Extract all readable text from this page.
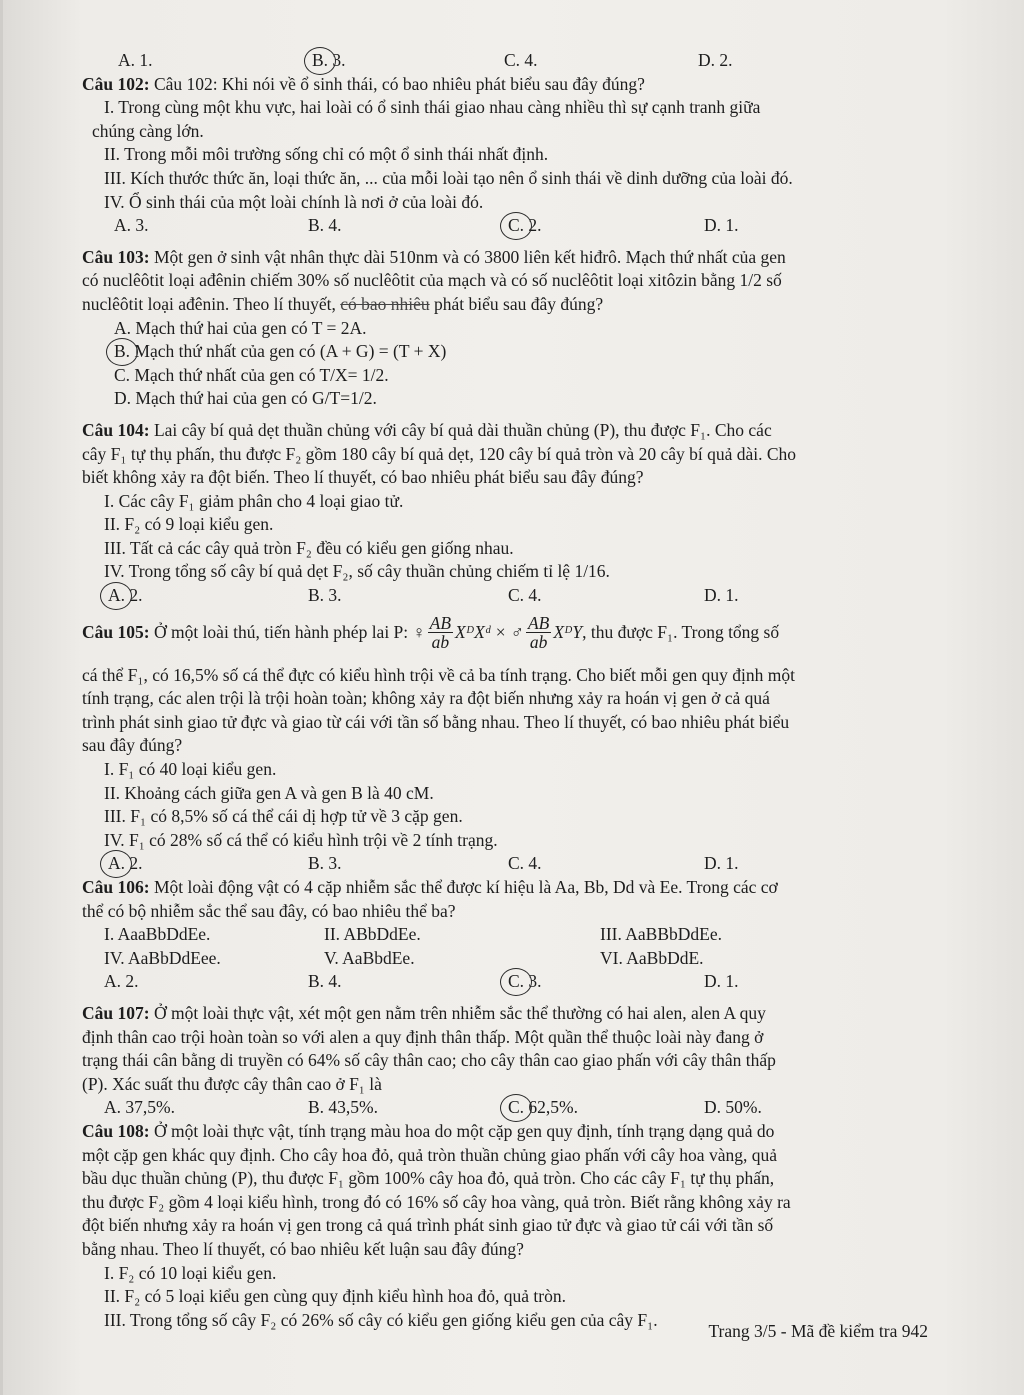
A. 1.	B. 3.	C. 4.	D. 2.
Câu 102: Câu 102: Khi nói về ổ sinh thái, có bao nhiêu phát biểu sau đây đúng?
I. Trong cùng một khu vực, hai loài có ổ sinh thái giao nhau càng nhiều thì sự cạnh tranh giữa
chúng càng lớn.
II. Trong mỗi môi trường sống chỉ có một ổ sinh thái nhất định.
III. Kích thước thức ăn, loại thức ăn, ... của mỗi loài tạo nên ổ sinh thái về dinh dưỡng của loài đó.
IV. Ổ sinh thái của một loài chính là nơi ở của loài đó.
A. 3.	B. 4.	C. 2.	D. 1.
Câu 103: Một gen ở sinh vật nhân thực dài 510nm và có 3800 liên kết hiđrô. Mạch thứ nhất của gen
có nuclêôtit loại ađênin chiếm 30% số nuclêôtit của mạch và có số nuclêôtit loại xitôzin bằng 1/2 số
nuclêôtit loại ađênin. Theo lí thuyết, có bao nhiêu phát biểu sau đây đúng?
A. Mạch thứ hai của gen có T = 2A.
B. Mạch thứ nhất của gen có (A + G) = (T + X)
C. Mạch thứ nhất của gen có T/X= 1/2.
D. Mạch thứ hai của gen có G/T=1/2.
Câu 104: Lai cây bí quả dẹt thuần chủng với cây bí quả dài thuần chủng (P), thu được F₁. Cho các
cây F₁ tự thụ phấn, thu được F₂ gồm 180 cây bí quả dẹt, 120 cây bí quả tròn và 20 cây bí quả dài. Cho
biết không xảy ra đột biến. Theo lí thuyết, có bao nhiêu phát biểu sau đây đúng?
I. Các cây F₁ giảm phân cho 4 loại giao tử.
II. F₂ có 9 loại kiểu gen.
III. Tất cả các cây quả tròn F₂ đều có kiểu gen giống nhau.
IV. Trong tổng số cây bí quả dẹt F₂, số cây thuần chủng chiếm tỉ lệ 1/16.
A. 2.	B. 3.	C. 4.	D. 1.
Câu 105:
Ở một loài thú, tiến hành phép lai P: ♀ $\frac{AB}{ab}$ XᴰXᵈ × ♂ $\frac{AB}{ab}$ XᴰY , thu được F₁. Trong tổng số
cá thể F₁, có 16,5% số cá thể đực có kiểu hình trội về cả ba tính trạng. Cho biết mỗi gen quy định một
tính trạng, các alen trội là trội hoàn toàn; không xảy ra đột biến nhưng xảy ra hoán vị gen ở cả quá
trình phát sinh giao tử đực và giao từ cái với tần số bằng nhau. Theo lí thuyết, có bao nhiêu phát biểu
sau đây đúng?
I. F₁ có 40 loại kiểu gen.
II. Khoảng cách giữa gen A và gen B là 40 cM.
III. F₁ có 8,5% số cá thể cái dị hợp tử về 3 cặp gen.
IV. F₁ có 28% số cá thể có kiểu hình trội về 2 tính trạng.
A. 2.	B. 3.	C. 4.	D. 1.
Câu 106: Một loài động vật có 4 cặp nhiễm sắc thể được kí hiệu là Aa, Bb, Dd và Ee. Trong các cơ
thể có bộ nhiễm sắc thể sau đây, có bao nhiêu thể ba?
I. AaaBbDdEe.	II. ABbDdEe.	III. AaBBbDdEe.
IV. AaBbDdEee.	V. AaBbdEe.	VI. AaBbDdE.
A. 2.	B. 4.	C. 3.	D. 1.
Câu 107: Ở một loài thực vật, xét một gen nằm trên nhiễm sắc thể thường có hai alen, alen A quy
định thân cao trội hoàn toàn so với alen a quy định thân thấp. Một quần thể thuộc loài này đang ở
trạng thái cân bằng di truyền có 64% số cây thân cao; cho cây thân cao giao phấn với cây thân thấp
(P). Xác suất thu được cây thân cao ở F₁ là
A. 37,5%.	B. 43,5%.	C. 62,5%.	D. 50%.
Câu 108: Ở một loài thực vật, tính trạng màu hoa do một cặp gen quy định, tính trạng dạng quả do
một cặp gen khác quy định. Cho cây hoa đỏ, quả tròn thuần chủng giao phấn với cây hoa vàng, quả
bầu dục thuần chủng (P), thu được F₁ gồm 100% cây hoa đỏ, quả tròn. Cho các cây F₁ tự thụ phấn,
thu được F₂ gồm 4 loại kiểu hình, trong đó có 16% số cây hoa vàng, quả tròn. Biết rằng không xảy ra
đột biến nhưng xảy ra hoán vị gen trong cả quá trình phát sinh giao tử đực và giao tử cái với tần số
bằng nhau. Theo lí thuyết, có bao nhiêu kết luận sau đây đúng?
I. F₂ có 10 loại kiểu gen.
II. F₂ có 5 loại kiểu gen cùng quy định kiểu hình hoa đỏ, quả tròn.
III. Trong tổng số cây F₂ có 26% số cây có kiểu gen giống kiểu gen của cây F₁.
Trang 3/5 - Mã đề kiểm tra 942
